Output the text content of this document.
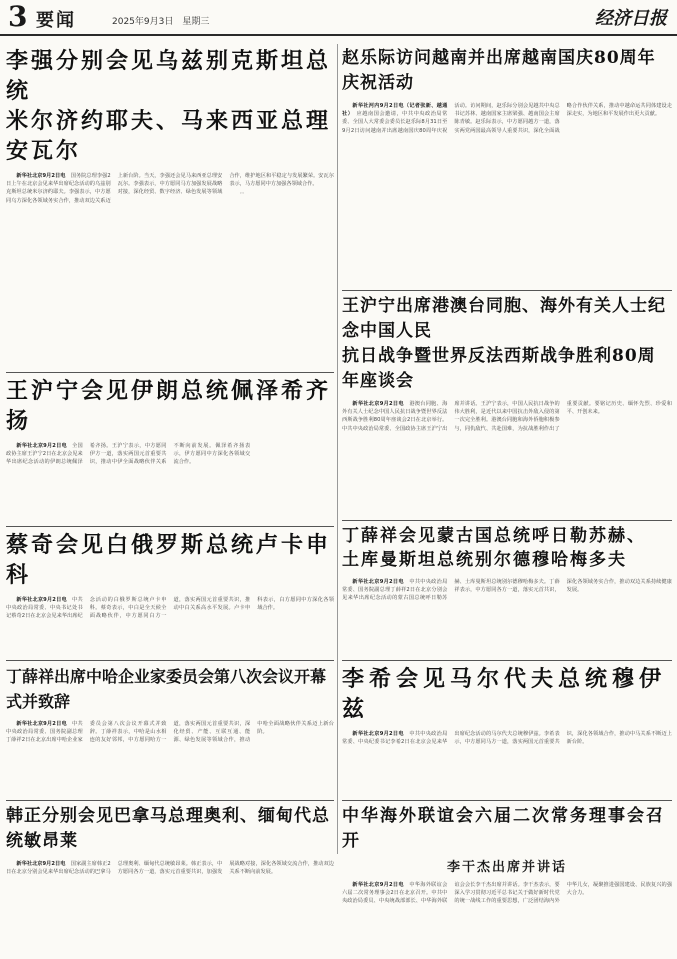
3 要闻	2025年9月3日　星期三	经济日报
李强分别会见乌兹别克斯坦总统
米尔济约耶夫、马来西亚总理安瓦尔

新华社北京9月2日电　 国务院总理李强2日上午在北京会见来华出席纪念活动的乌兹别克斯坦总统米尔济约耶夫。李强表示，中方愿同乌方深化各领域务实合作，推动双边关系迈上新台阶。当天，李强还会见马来西亚总理安瓦尔。李强表示，中方愿同马方加强发展战略对接，深化经贸、数字经济、绿色发展等领域合作，维护地区和平稳定与发展繁荣。安瓦尔表示，马方愿同中方加强各领域合作。

。。

赵乐际访问越南并出席越南国庆80周年庆祝活动

新华社河内9月2日电（记者张新、越通社）　 应越南国会邀请，中共中央政治局常委、全国人大常委会委员长赵乐际8月31日至9月2日访问越南并出席越南国庆80周年庆祝活动。访问期间，赵乐际分别会见越共中央总书记苏林、越南国家主席梁强、越南国会主席陈青敏。赵乐际表示，中方愿同越方一道，落实两党两国最高领导人重要共识，深化全面战略合作伙伴关系，推动中越命运共同体建设走深走实，为地区和平发展作出更大贡献。

王沪宁出席港澳台同胞、海外有关人士纪念中国人民
抗日战争暨世界反法西斯战争胜利80周年座谈会

新华社北京9月2日电　 港澳台同胞、海外有关人士纪念中国人民抗日战争暨世界反法西斯战争胜利80周年座谈会2日在北京举行。中共中央政治局常委、全国政协主席王沪宁出席并讲话。王沪宁表示，中国人民抗日战争的伟大胜利，是近代以来中国抗击外敌入侵的第一次完全胜利。港澳台同胞和海外侨胞积极参与，同仇敌忾、共赴国难，为抗战胜利作出了重要贡献。要铭记历史、缅怀先烈、珍爱和平、开创未来。

王沪宁会见伊朗总统佩泽希齐扬

新华社北京9月2日电　 全国政协主席王沪宁2日在北京会见来华出席纪念活动的伊朗总统佩泽希齐扬。王沪宁表示，中方愿同伊方一道，落实两国元首重要共识，推动中伊全面战略伙伴关系不断向前发展。佩泽希齐扬表示，伊方愿同中方深化各领域交流合作。

蔡奇会见白俄罗斯总统卢卡申科

新华社北京9月2日电　 中共中央政治局常委、中央书记处书记蔡奇2日在北京会见来华出席纪念活动的白俄罗斯总统卢卡申科。蔡奇表示，中白是全天候全面战略伙伴，中方愿同白方一道，落实两国元首重要共识，推动中白关系高水平发展。卢卡申科表示，白方愿同中方深化各领域合作。

丁薛祥会见蒙古国总统呼日勒苏赫、
土库曼斯坦总统别尔德穆哈梅多夫

新华社北京9月2日电　 中共中央政治局常委、国务院副总理丁薛祥2日在北京分别会见来华出席纪念活动的蒙古国总统呼日勒苏赫、土库曼斯坦总统别尔德穆哈梅多夫。丁薛祥表示，中方愿同各方一道，落实元首共识，深化各领域务实合作，推动双边关系持续健康发展。

丁薛祥出席中哈企业家委员会第八次会议开幕式并致辞

新华社北京9月2日电　 中共中央政治局常委、国务院副总理丁薛祥2日在北京出席中哈企业家委员会第八次会议开幕式并致辞。丁薛祥表示，中哈是山水相连的友好邻邦，中方愿同哈方一道，落实两国元首重要共识，深化经贸、产能、互联互通、能源、绿色发展等领域合作，推动中哈全面战略伙伴关系迈上新台阶。

李希会见马尔代夫总统穆伊兹

新华社北京9月2日电　 中共中央政治局常委、中央纪委书记李希2日在北京会见来华出席纪念活动的马尔代夫总统穆伊兹。李希表示，中方愿同马方一道，落实两国元首重要共识，深化各领域合作，推动中马关系不断迈上新台阶。

韩正分别会见巴拿马总理奥利、缅甸代总统敏昂莱

新华社北京9月2日电　 国家副主席韩正2日在北京分别会见来华出席纪念活动的巴拿马总理奥利、缅甸代总统敏昂莱。韩正表示，中方愿同各方一道，落实元首重要共识，加强发展战略对接，深化各领域交流合作，推动双边关系不断向前发展。

中华海外联谊会六届二次常务理事会召开
李干杰出席并讲话

新华社北京9月2日电　 中华海外联谊会六届二次常务理事会2日在北京召开。中共中央政治局委员、中央统战部部长、中华海外联谊会会长李干杰出席并讲话。李干杰表示，要深入学习贯彻习近平总书记关于做好新时代党的统一战线工作的重要思想，广泛团结海内外中华儿女，凝聚推进强国建设、民族复兴的强大合力。
